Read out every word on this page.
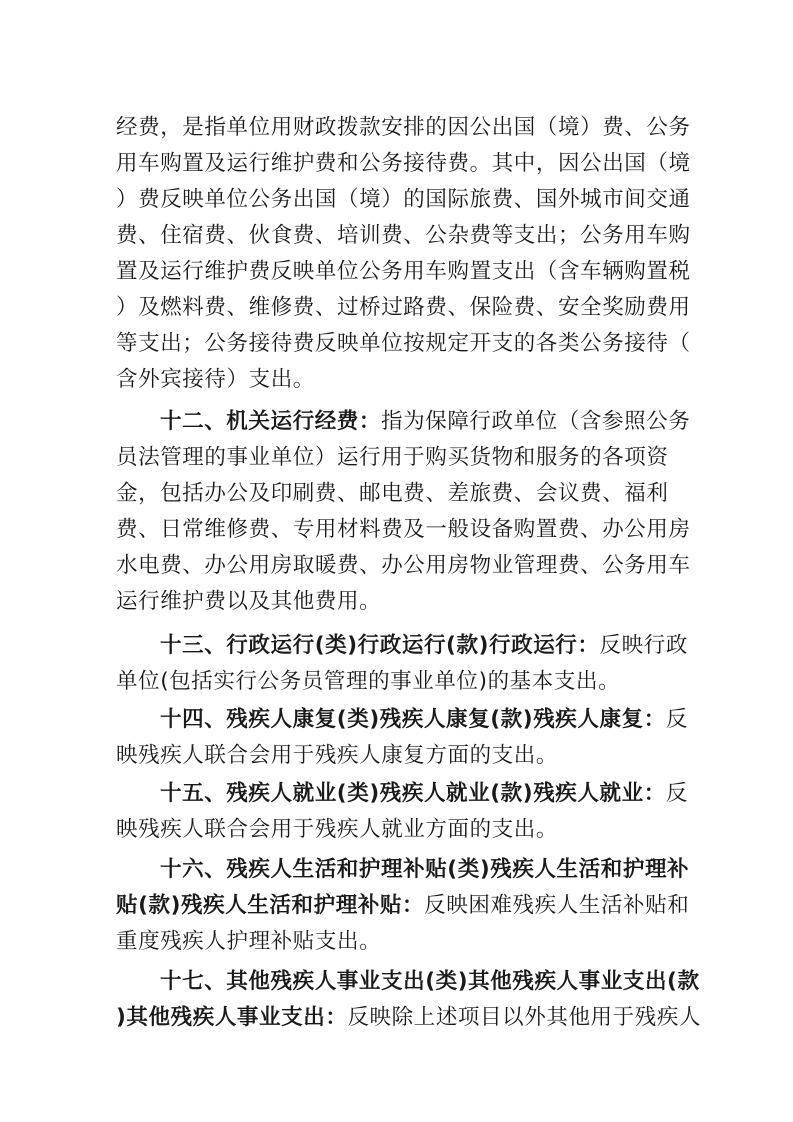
经费，是指单位用财政拨款安排的因公出国（境）费、公务
用车购置及运行维护费和公务接待费。其中，因公出国（境
）费反映单位公务出国（境）的国际旅费、国外城市间交通
费、住宿费、伙食费、培训费、公杂费等支出；公务用车购
置及运行维护费反映单位公务用车购置支出（含车辆购置税
）及燃料费、维修费、过桥过路费、保险费、安全奖励费用
等支出；公务接待费反映单位按规定开支的各类公务接待（
含外宾接待）支出。
十二、机关运行经费：指为保障行政单位（含参照公务
员法管理的事业单位）运行用于购买货物和服务的各项资
金，包括办公及印刷费、邮电费、差旅费、会议费、福利
费、日常维修费、专用材料费及一般设备购置费、办公用房
水电费、办公用房取暖费、办公用房物业管理费、公务用车
运行维护费以及其他费用。
十三、行政运行(类)行政运行(款)行政运行：反映行政
单位(包括实行公务员管理的事业单位)的基本支出。
十四、残疾人康复(类)残疾人康复(款)残疾人康复：反
映残疾人联合会用于残疾人康复方面的支出。
十五、残疾人就业(类)残疾人就业(款)残疾人就业：反
映残疾人联合会用于残疾人就业方面的支出。
十六、残疾人生活和护理补贴(类)残疾人生活和护理补
贴(款)残疾人生活和护理补贴：反映困难残疾人生活补贴和
重度残疾人护理补贴支出。
十七、其他残疾人事业支出(类)其他残疾人事业支出(款
)其他残疾人事业支出：反映除上述项目以外其他用于残疾人
